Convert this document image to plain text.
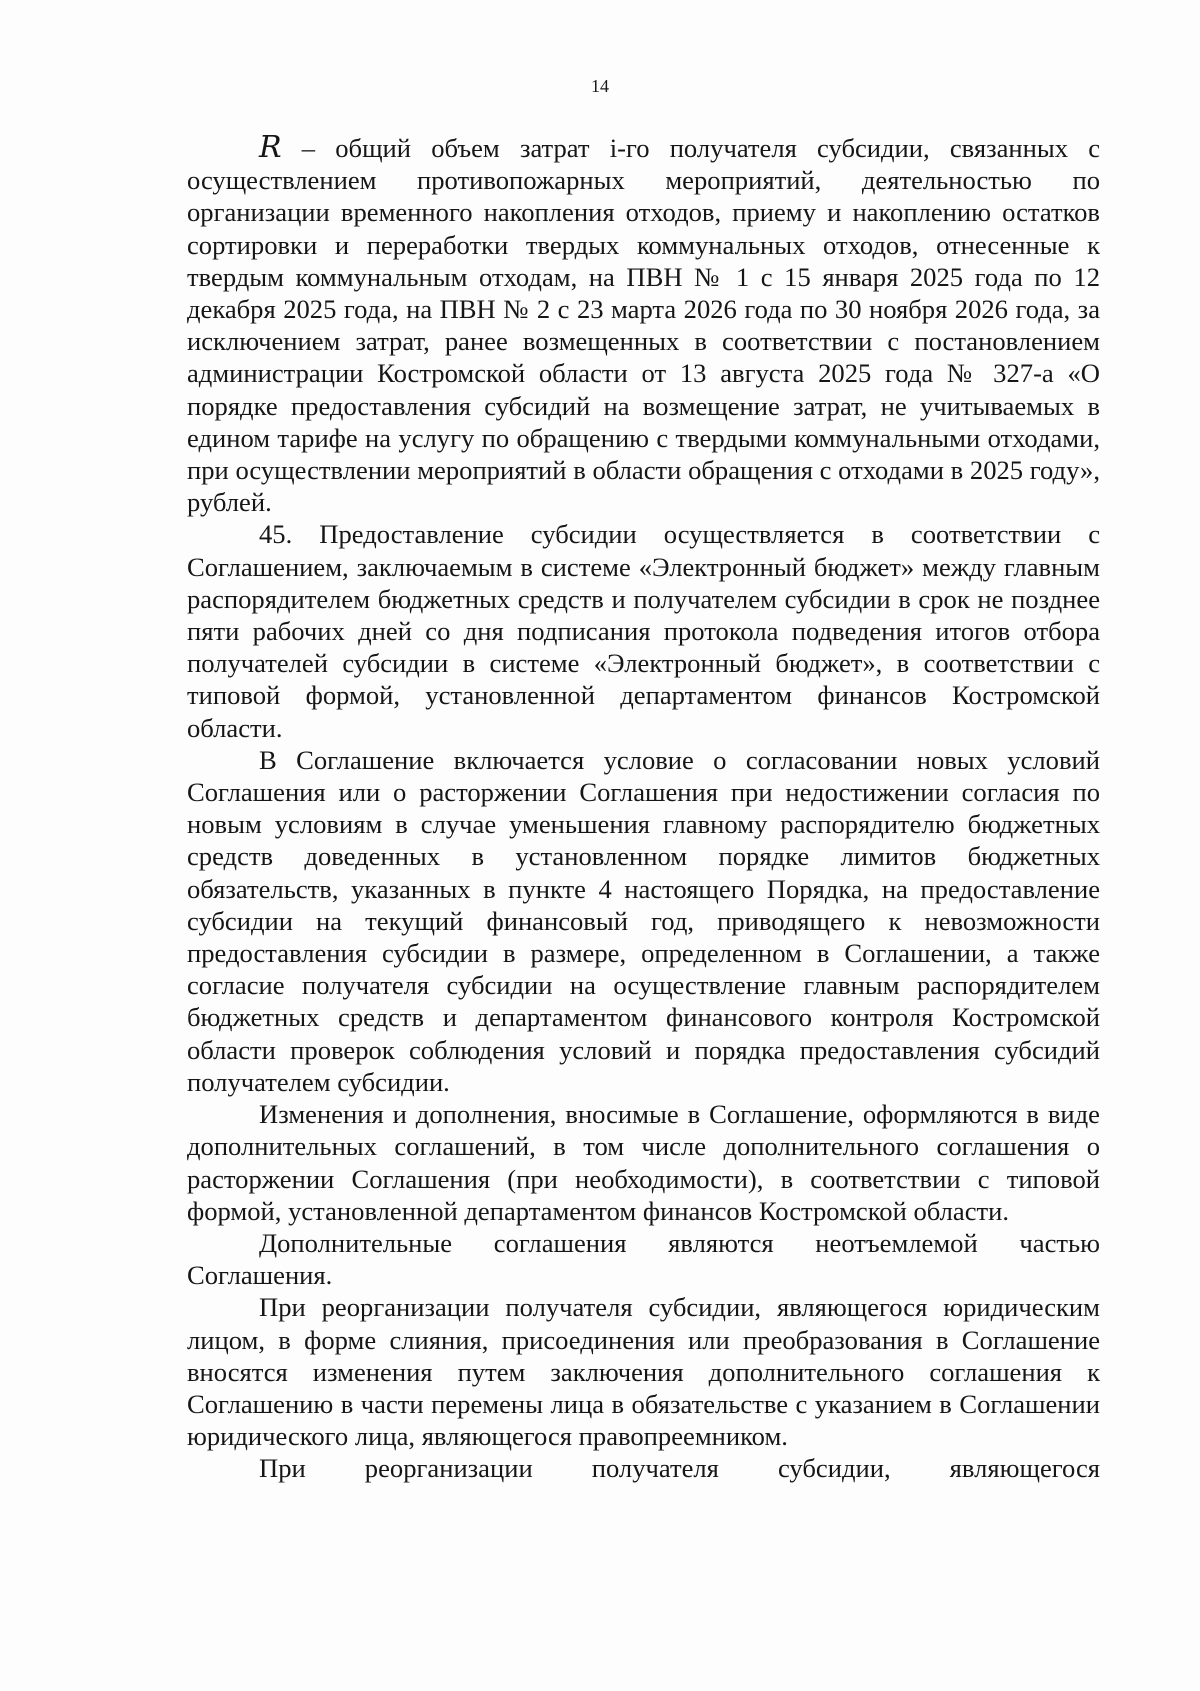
14

R – общий объем затрат i-го получателя субсидии, связанных с осуществлением противопожарных мероприятий, деятельностью по организации временного накопления отходов, приему и накоплению остатков сортировки и переработки твердых коммунальных отходов, отнесенные к твердым коммунальным отходам, на ПВН № 1 с 15 января 2025 года по 12 декабря 2025 года, на ПВН № 2 с 23 марта 2026 года по 30 ноября 2026 года, за исключением затрат, ранее возмещенных в соответствии с постановлением администрации Костромской области от 13 августа 2025 года № 327-а «О порядке предоставления субсидий на возмещение затрат, не учитываемых в едином тарифе на услугу по обращению с твердыми коммунальными отходами, при осуществлении мероприятий в области обращения с отходами в 2025 году», рублей.

45. Предоставление субсидии осуществляется в соответствии с Соглашением, заключаемым в системе «Электронный бюджет» между главным распорядителем бюджетных средств и получателем субсидии в срок не позднее пяти рабочих дней со дня подписания протокола подведения итогов отбора получателей субсидии в системе «Электронный бюджет», в соответствии с типовой формой, установленной департаментом финансов Костромской области.

В Соглашение включается условие о согласовании новых условий Соглашения или о расторжении Соглашения при недостижении согласия по новым условиям в случае уменьшения главному распорядителю бюджетных средств доведенных в установленном порядке лимитов бюджетных обязательств, указанных в пункте 4 настоящего Порядка, на предоставление субсидии на текущий финансовый год, приводящего к невозможности предоставления субсидии в размере, определенном в Соглашении, а также согласие получателя субсидии на осуществление главным распорядителем бюджетных средств и департаментом финансового контроля Костромской области проверок соблюдения условий и порядка предоставления субсидий получателем субсидии.

Изменения и дополнения, вносимые в Соглашение, оформляются в виде дополнительных соглашений, в том числе дополнительного соглашения о расторжении Соглашения (при необходимости), в соответствии с типовой формой, установленной департаментом финансов Костромской области.

Дополнительные соглашения являются неотъемлемой частью Соглашения.

При реорганизации получателя субсидии, являющегося юридическим лицом, в форме слияния, присоединения или преобразования в Соглашение вносятся изменения путем заключения дополнительного соглашения к Соглашению в части перемены лица в обязательстве с указанием в Соглашении юридического лица, являющегося правопреемником.

При реорганизации получателя субсидии, являющегося
